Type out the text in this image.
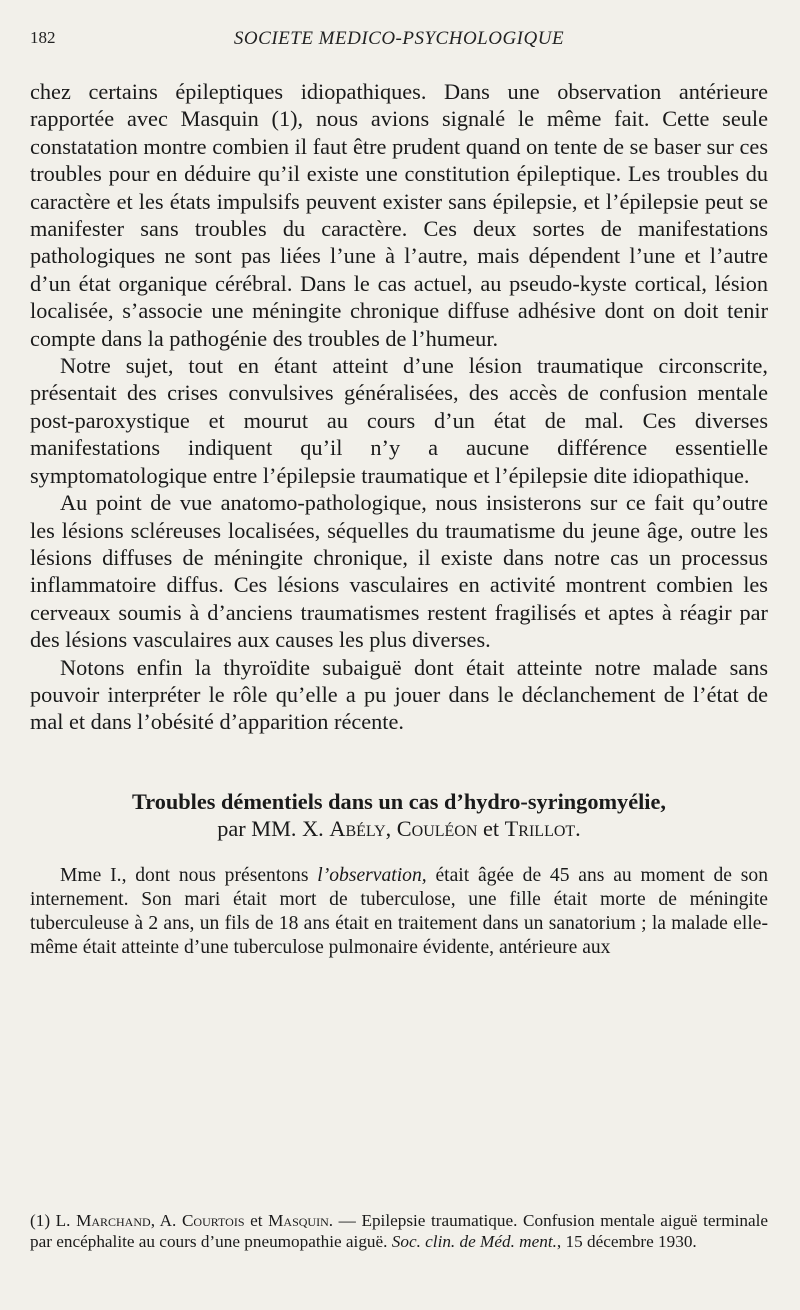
182	SOCIETE MEDICO-PSYCHOLOGIQUE

chez certains épileptiques idiopathiques. Dans une observation antérieure rapportée avec Masquin (1), nous avions signalé le même fait. Cette seule constatation montre combien il faut être prudent quand on tente de se baser sur ces troubles pour en déduire qu’il existe une constitution épileptique. Les troubles du caractère et les états impulsifs peuvent exister sans épilepsie, et l’épilepsie peut se manifester sans troubles du caractère. Ces deux sortes de manifestations pathologiques ne sont pas liées l’une à l’autre, mais dépendent l’une et l’autre d’un état organique cérébral. Dans le cas actuel, au pseudo-kyste cortical, lésion localisée, s’associe une méningite chronique diffuse adhésive dont on doit tenir compte dans la pathogénie des troubles de l’humeur.

Notre sujet, tout en étant atteint d’une lésion traumatique circonscrite, présentait des crises convulsives généralisées, des accès de confusion mentale post-paroxystique et mourut au cours d’un état de mal. Ces diverses manifestations indiquent qu’il n’y a aucune différence essentielle symptomatologique entre l’épilepsie traumatique et l’épilepsie dite idiopathique.

Au point de vue anatomo-pathologique, nous insisterons sur ce fait qu’outre les lésions scléreuses localisées, séquelles du traumatisme du jeune âge, outre les lésions diffuses de méningite chronique, il existe dans notre cas un processus inflammatoire diffus. Ces lésions vasculaires en activité montrent combien les cerveaux soumis à d’anciens traumatismes restent fragilisés et aptes à réagir par des lésions vasculaires aux causes les plus diverses.

Notons enfin la thyroïdite subaiguë dont était atteinte notre malade sans pouvoir interpréter le rôle qu’elle a pu jouer dans le déclanchement de l’état de mal et dans l’obésité d’apparition récente.

Troubles démentiels dans un cas d’hydro-syringomyélie,
par MM. X. Abély, Couléon et Trillot.

Mme I., dont nous présentons l’observation, était âgée de 45 ans au moment de son internement. Son mari était mort de tuberculose, une fille était morte de méningite tuberculeuse à 2 ans, un fils de 18 ans était en traitement dans un sanatorium ; la malade elle-même était atteinte d’une tuberculose pulmonaire évidente, antérieure aux

(1) L. Marchand, A. Courtois et Masquin. — Epilepsie traumatique. Confusion mentale aiguë terminale par encéphalite au cours d’une pneumopathie aiguë. Soc. clin. de Méd. ment., 15 décembre 1930.
